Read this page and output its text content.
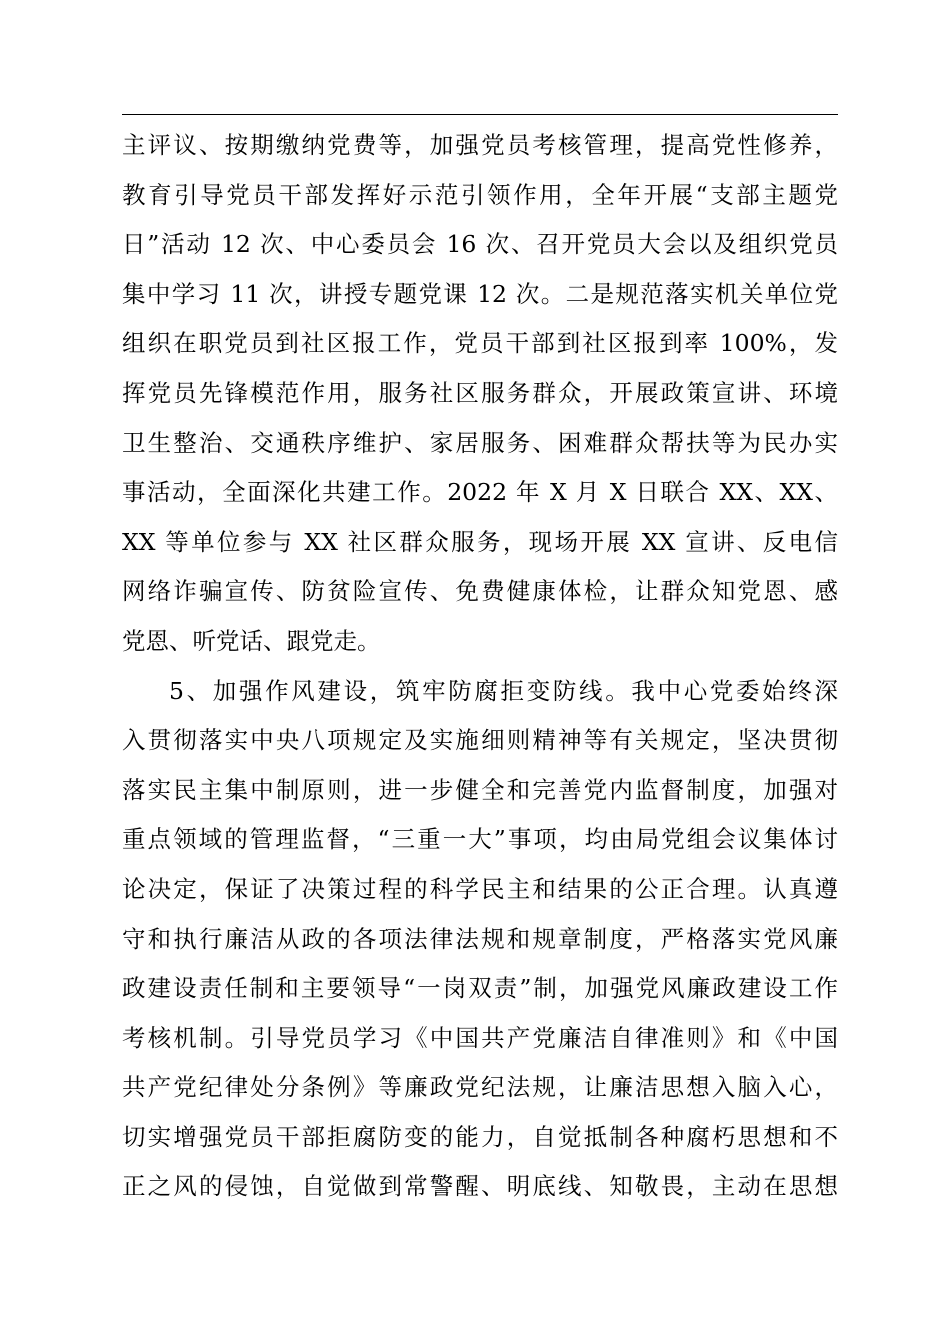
主评议、按期缴纳党费等，加强党员考核管理，提高党性修养，
教育引导党员干部发挥好示范引领作用，全年开展“支部主题党
日”活动 12 次、中心委员会 16 次、召开党员大会以及组织党员
集中学习 11 次，讲授专题党课 12 次。二是规范落实机关单位党
组织在职党员到社区报工作，党员干部到社区报到率 100%，发
挥党员先锋模范作用，服务社区服务群众，开展政策宣讲、环境
卫生整治、交通秩序维护、家居服务、困难群众帮扶等为民办实
事活动，全面深化共建工作。2022 年 X 月 X 日联合 XX、XX、
XX 等单位参与 XX 社区群众服务，现场开展 XX 宣讲、反电信
网络诈骗宣传、防贫险宣传、免费健康体检，让群众知党恩、感
党恩、听党话、跟党走。
5、加强作风建设，筑牢防腐拒变防线。我中心党委始终深
入贯彻落实中央八项规定及实施细则精神等有关规定，坚决贯彻
落实民主集中制原则，进一步健全和完善党内监督制度，加强对
重点领域的管理监督，“三重一大”事项，均由局党组会议集体讨
论决定，保证了决策过程的科学民主和结果的公正合理。认真遵
守和执行廉洁从政的各项法律法规和规章制度，严格落实党风廉
政建设责任制和主要领导“一岗双责”制，加强党风廉政建设工作
考核机制。引导党员学习《中国共产党廉洁自律准则》和《中国
共产党纪律处分条例》等廉政党纪法规，让廉洁思想入脑入心，
切实增强党员干部拒腐防变的能力，自觉抵制各种腐朽思想和不
正之风的侵蚀，自觉做到常警醒、明底线、知敬畏，主动在思想
